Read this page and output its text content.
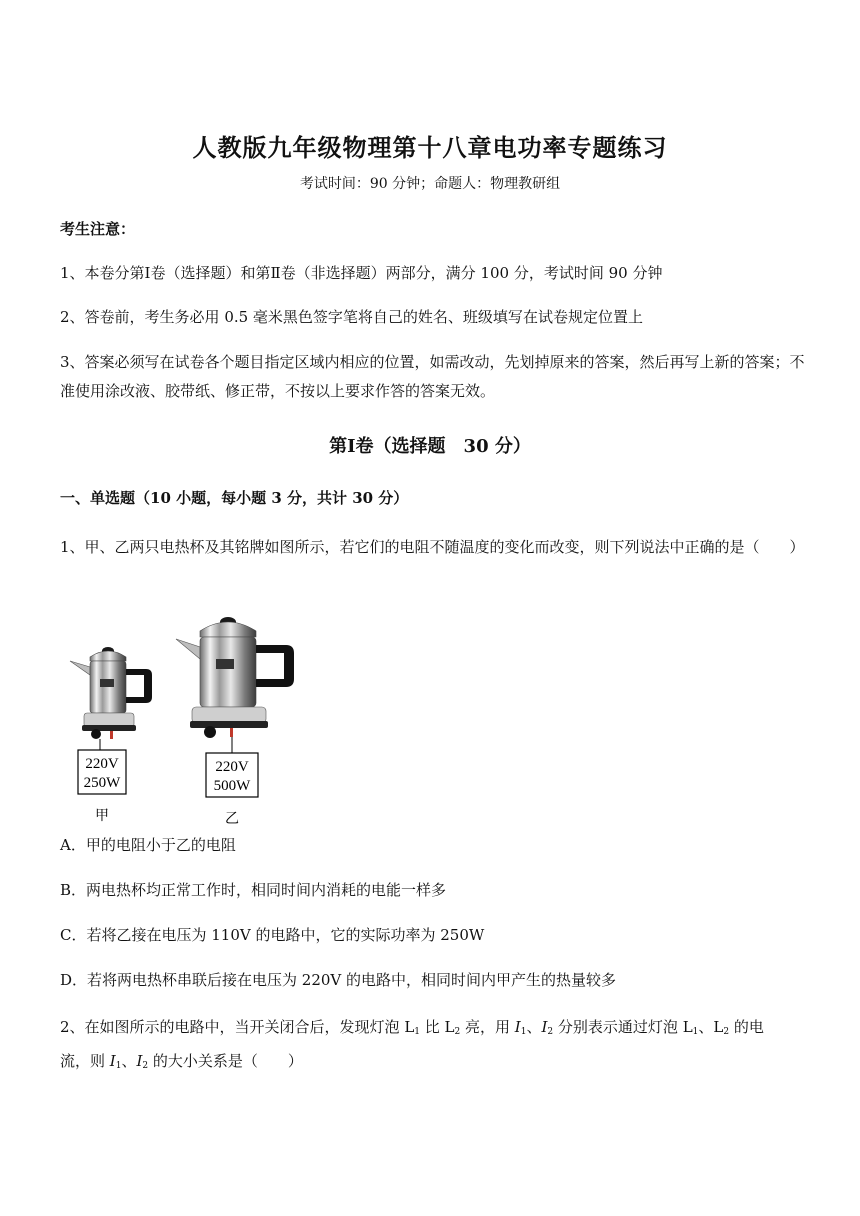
人教版九年级物理第十八章电功率专题练习
考试时间：90 分钟；命题人：物理教研组
考生注意：
1、本卷分第Ⅰ卷（选择题）和第Ⅱ卷（非选择题）两部分，满分 100 分，考试时间 90 分钟
2、答卷前，考生务必用 0.5 毫米黑色签字笔将自己的姓名、班级填写在试卷规定位置上
3、答案必须写在试卷各个题目指定区域内相应的位置，如需改动，先划掉原来的答案，然后再写上新的答案；不准使用涂改液、胶带纸、修正带，不按以上要求作答的答案无效。
第Ⅰ卷（选择题　30 分）
一、单选题（10 小题，每小题 3 分，共计 30 分）
1、甲、乙两只电热杯及其铭牌如图所示，若它们的电阻不随温度的变化而改变，则下列说法中正确的是（　　）
220V
250W
甲
220V
500W
乙
A．甲的电阻小于乙的电阻
B．两电热杯均正常工作时，相同时间内消耗的电能一样多
C．若将乙接在电压为 110V 的电路中，它的实际功率为 250W
D．若将两电热杯串联后接在电压为 220V 的电路中，相同时间内甲产生的热量较多
2、在如图所示的电路中，当开关闭合后，发现灯泡 $L_1$ 比 $L_2$ 亮，用 $I_1$、$I_2$ 分别表示通过灯泡 $L_1$、$L_2$ 的电
流，则 $I_1$、$I_2$ 的大小关系是（　　）
